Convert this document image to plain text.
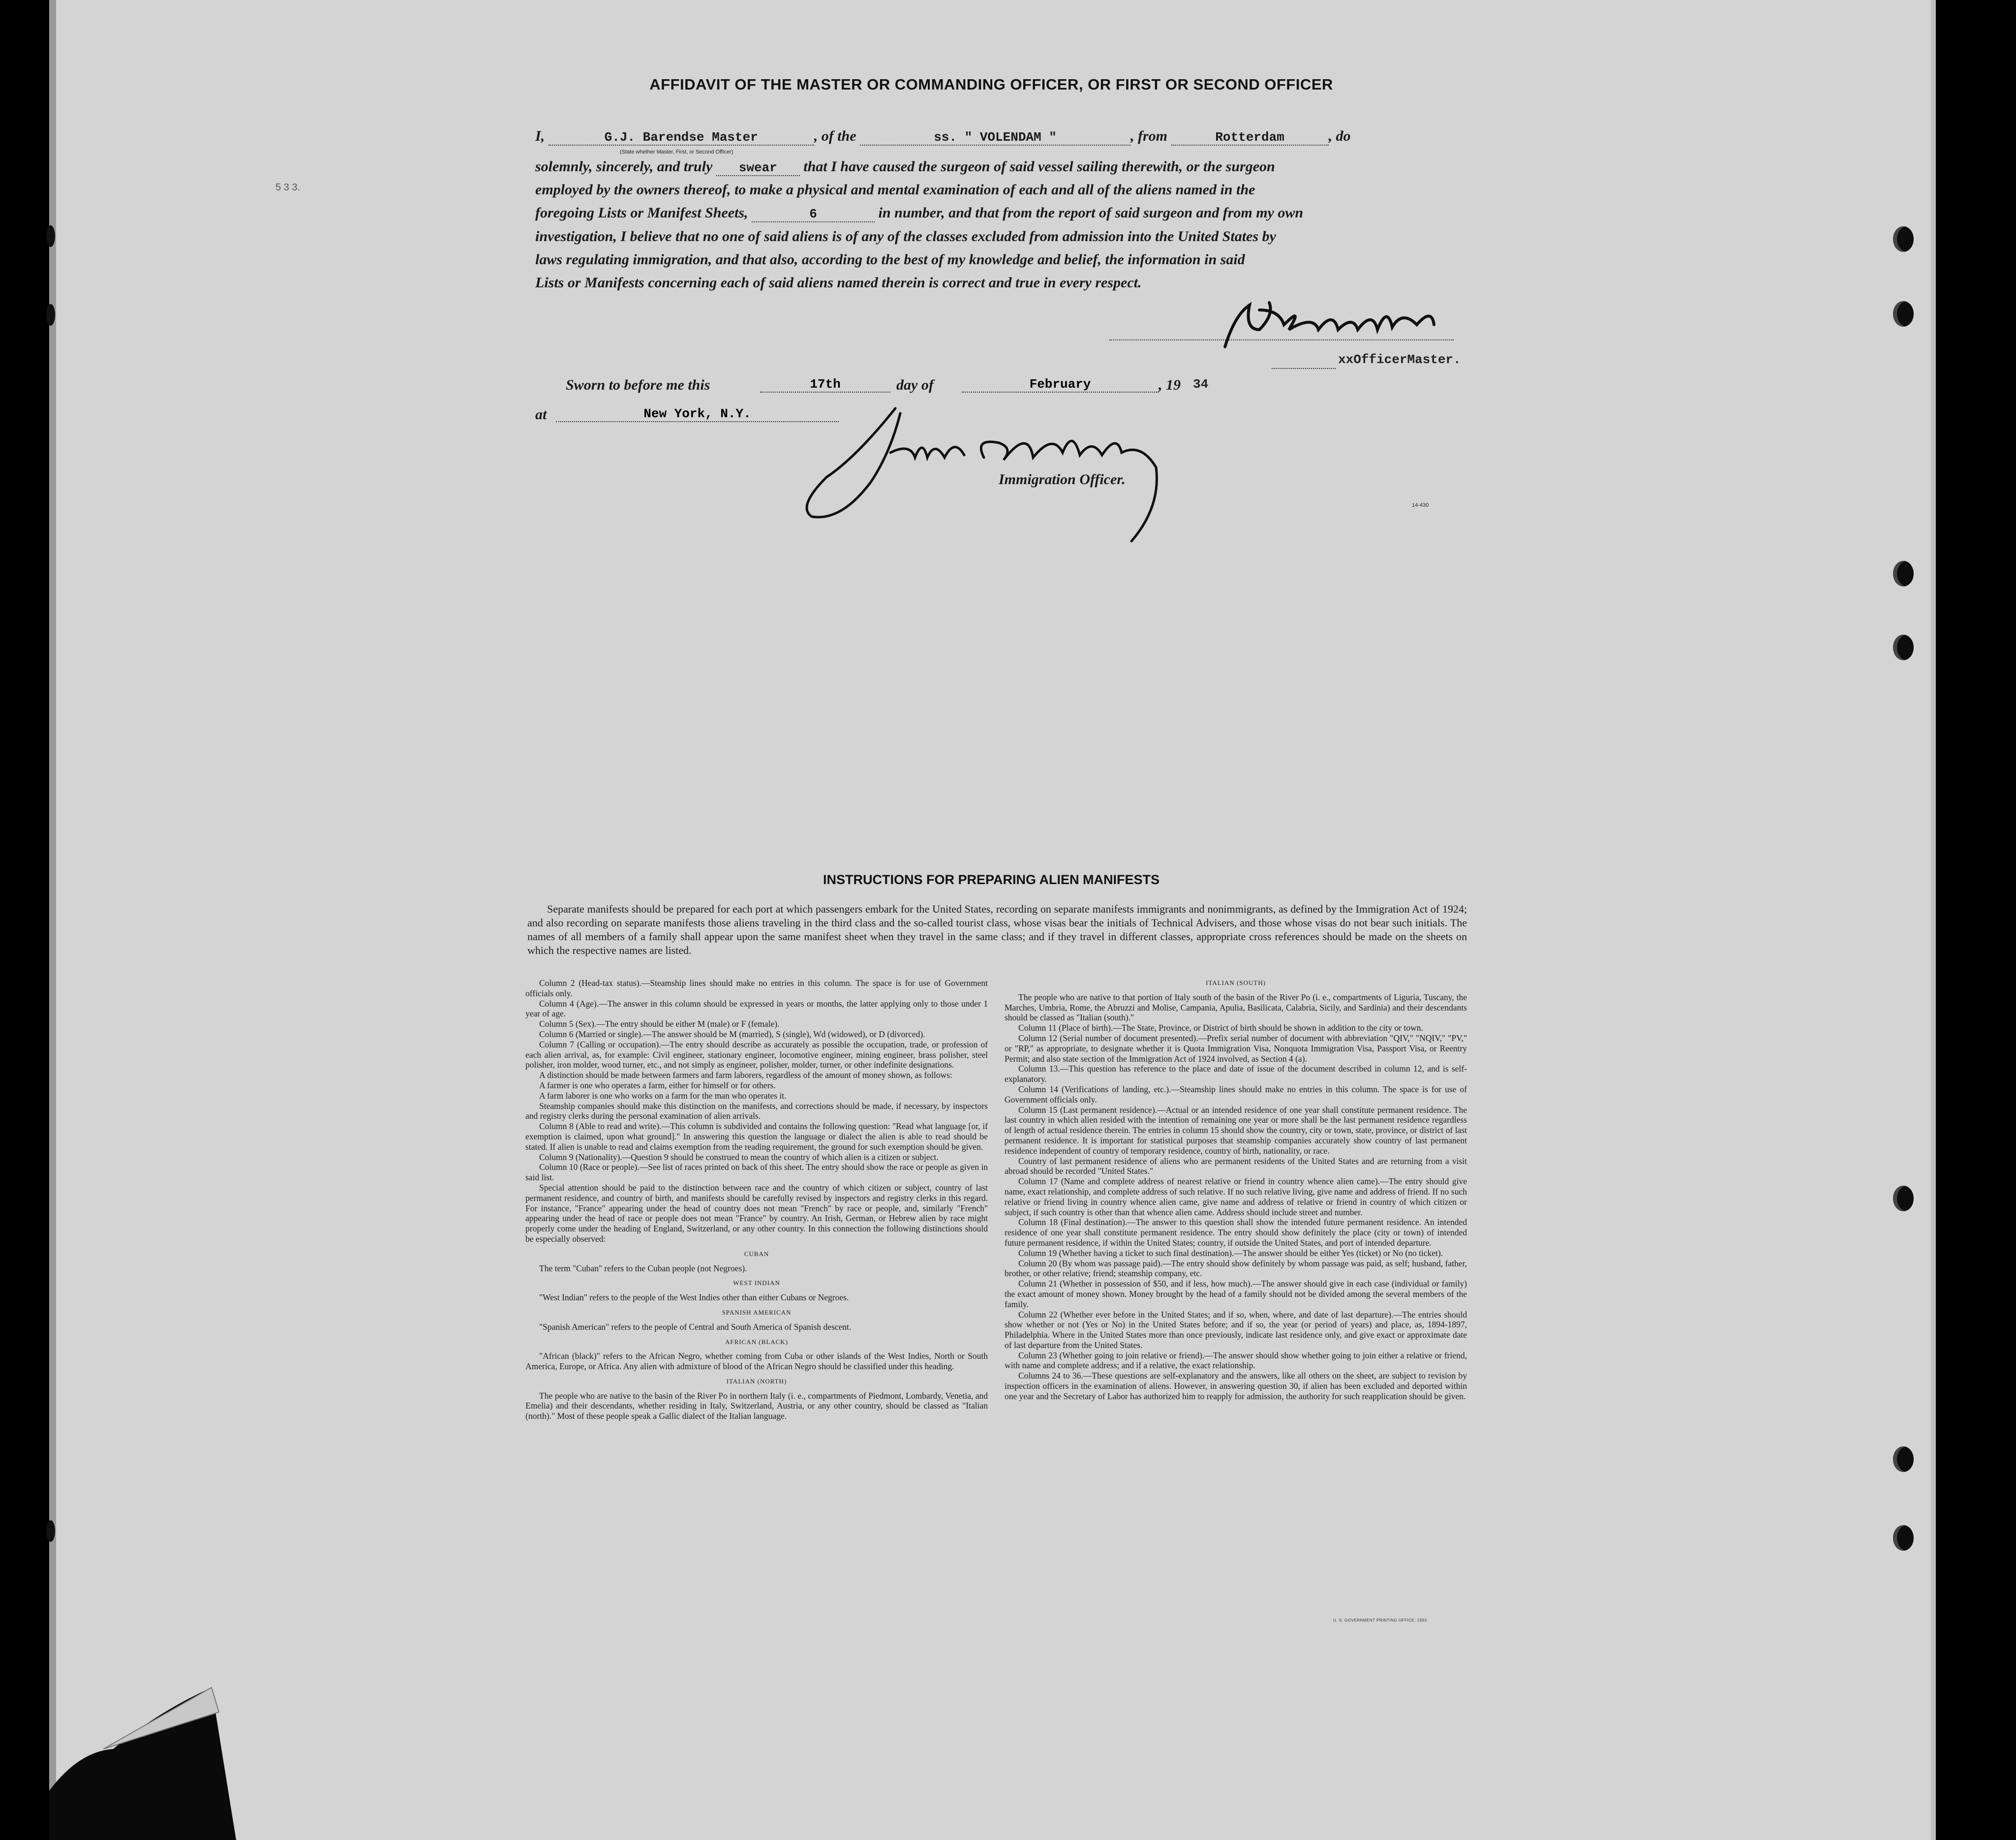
AFFIDAVIT OF THE MASTER OR COMMANDING OFFICER, OR FIRST OR SECOND OFFICER
5 3 3.
I,	G.J. Barendse Master	, of the	ss. " VOLENDAM "	, from	Rotterdam	, do
(State whether Master, First, or Second Officer)
solemnly, sincerely, and truly swear that I have caused the surgeon of said vessel sailing therewith, or the surgeon
employed by the owners thereof, to make a physical and mental examination of each and all of the aliens named in the
foregoing Lists or Manifest Sheets,	6	in number, and that from the report of said surgeon and from my own
investigation, I believe that no one of said aliens is of any of the classes excluded from admission into the United States by
laws regulating immigration, and that also, according to the best of my knowledge and belief, the information in said
Lists or Manifests concerning each of said aliens named therein is correct and true in every respect.
xxOfficerMaster.
Sworn to before me this	17th	day of	February	, 19 34
at	New York, N.Y.
Immigration Officer.
14-430
INSTRUCTIONS FOR PREPARING ALIEN MANIFESTS
Separate manifests should be prepared for each port at which passengers embark for the United States, recording on separate manifests immigrants and nonimmigrants, as defined by the Immigration Act of 1924; and also recording on separate manifests those aliens traveling in the third class and the so-called tourist class, whose visas bear the initials of Technical Advisers, and those whose visas do not bear such initials. The names of all members of a family shall appear upon the same manifest sheet when they travel in the same class; and if they travel in different classes, appropriate cross references should be made on the sheets on which the respective names are listed.

Column 2 (Head-tax status).—Steamship lines should make no entries in this column. The space is for use of Government officials only.

Column 4 (Age).—The answer in this column should be expressed in years or months, the latter applying only to those under 1 year of age.

Column 5 (Sex).—The entry should be either M (male) or F (female).

Column 6 (Married or single).—The answer should be M (married), S (single), Wd (widowed), or D (divorced).

Column 7 (Calling or occupation).—The entry should describe as accurately as possible the occupation, trade, or profession of each alien arrival, as, for example: Civil engineer, stationary engineer, locomotive engineer, mining engineer, brass polisher, steel polisher, iron molder, wood turner, etc., and not simply as engineer, polisher, molder, turner, or other indefinite designations.

A distinction should be made between farmers and farm laborers, regardless of the amount of money shown, as follows:

A farmer is one who operates a farm, either for himself or for others.

A farm laborer is one who works on a farm for the man who operates it.

Steamship companies should make this distinction on the manifests, and corrections should be made, if necessary, by inspectors and registry clerks during the personal examination of alien arrivals.

Column 8 (Able to read and write).—This column is subdivided and contains the following question: "Read what language [or, if exemption is claimed, upon what ground]." In answering this question the language or dialect the alien is able to read should be stated. If alien is unable to read and claims exemption from the reading requirement, the ground for such exemption should be given.

Column 9 (Nationality).—Question 9 should be construed to mean the country of which alien is a citizen or subject.

Column 10 (Race or people).—See list of races printed on back of this sheet. The entry should show the race or people as given in said list.

Special attention should be paid to the distinction between race and the country of which citizen or subject, country of last permanent residence, and country of birth, and manifests should be carefully revised by inspectors and registry clerks in this regard. For instance, "France" appearing under the head of country does not mean "French" by race or people, and, similarly "French" appearing under the head of race or people does not mean "France" by country. An Irish, German, or Hebrew alien by race might properly come under the heading of England, Switzerland, or any other country. In this connection the following distinctions should be especially observed:

CUBAN

The term "Cuban" refers to the Cuban people (not Negroes).

WEST INDIAN

"West Indian" refers to the people of the West Indies other than either Cubans or Negroes.

SPANISH AMERICAN

"Spanish American" refers to the people of Central and South America of Spanish descent.

AFRICAN (BLACK)

"African (black)" refers to the African Negro, whether coming from Cuba or other islands of the West Indies, North or South America, Europe, or Africa. Any alien with admixture of blood of the African Negro should be classified under this heading.

ITALIAN (NORTH)

The people who are native to the basin of the River Po in northern Italy (i. e., compartments of Piedmont, Lombardy, Venetia, and Emelia) and their descendants, whether residing in Italy, Switzerland, Austria, or any other country, should be classed as "Italian (north)." Most of these people speak a Gallic dialect of the Italian language.

ITALIAN (SOUTH)

The people who are native to that portion of Italy south of the basin of the River Po (i. e., compartments of Liguria, Tuscany, the Marches, Umbria, Rome, the Abruzzi and Molise, Campania, Apulia, Basilicata, Calabria, Sicily, and Sardinia) and their descendants should be classed as "Italian (south)."

Column 11 (Place of birth).—The State, Province, or District of birth should be shown in addition to the city or town.

Column 12 (Serial number of document presented).—Prefix serial number of document with abbreviation "QIV," "NQIV," "PV," or "RP," as appropriate, to designate whether it is Quota Immigration Visa, Nonquota Immigration Visa, Passport Visa, or Reentry Permit; and also state section of the Immigration Act of 1924 involved, as Section 4 (a).

Column 13.—This question has reference to the place and date of issue of the document described in column 12, and is self-explanatory.

Column 14 (Verifications of landing, etc.).—Steamship lines should make no entries in this column. The space is for use of Government officials only.

Column 15 (Last permanent residence).—Actual or an intended residence of one year shall constitute permanent residence. The last country in which alien resided with the intention of remaining one year or more shall be the last permanent residence regardless of length of actual residence therein. The entries in column 15 should show the country, city or town, state, province, or district of last permanent residence. It is important for statistical purposes that steamship companies accurately show country of last permanent residence independent of country of temporary residence, country of birth, nationality, or race.

Country of last permanent residence of aliens who are permanent residents of the United States and are returning from a visit abroad should be recorded "United States."

Column 17 (Name and complete address of nearest relative or friend in country whence alien came).—The entry should give name, exact relationship, and complete address of such relative. If no such relative living, give name and address of friend. If no such relative or friend living in country whence alien came, give name and address of relative or friend in country of which citizen or subject, if such country is other than that whence alien came. Address should include street and number.

Column 18 (Final destination).—The answer to this question shall show the intended future permanent residence. An intended residence of one year shall constitute permanent residence. The entry should show definitely the place (city or town) of intended future permanent residence, if within the United States; country, if outside the United States, and port of intended departure.

Column 19 (Whether having a ticket to such final destination).—The answer should be either Yes (ticket) or No (no ticket).

Column 20 (By whom was passage paid).—The entry should show definitely by whom passage was paid, as self; husband, father, brother, or other relative; friend; steamship company, etc.

Column 21 (Whether in possession of $50, and if less, how much).—The answer should give in each case (individual or family) the exact amount of money shown. Money brought by the head of a family should not be divided among the several members of the family.

Column 22 (Whether ever before in the United States; and if so, when, where, and date of last departure).—The entries should show whether or not (Yes or No) in the United States before; and if so, the year (or period of years) and place, as, 1894-1897, Philadelphia. Where in the United States more than once previously, indicate last residence only, and give exact or approximate date of last departure from the United States.

Column 23 (Whether going to join relative or friend).—The answer should show whether going to join either a relative or friend, with name and complete address; and if a relative, the exact relationship.

Columns 24 to 36.—These questions are self-explanatory and the answers, like all others on the sheet, are subject to revision by inspection officers in the examination of aliens. However, in answering question 30, if alien has been excluded and deported within one year and the Secretary of Labor has authorized him to reapply for admission, the authority for such reapplication should be given.

U. S. GOVERNMENT PRINTING OFFICE: 1933
